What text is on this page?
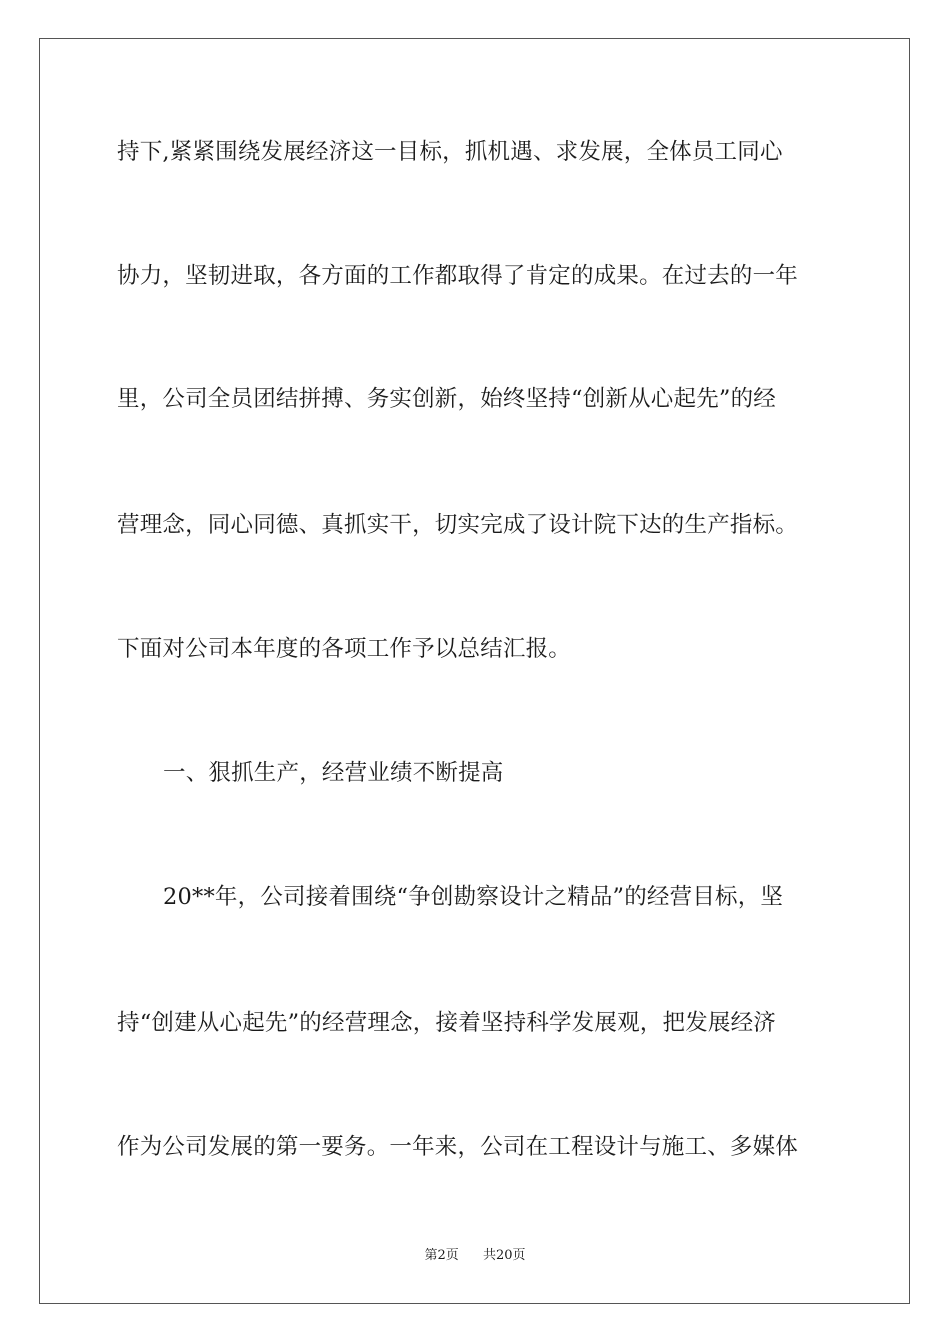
持下,紧紧围绕发展经济这一目标，抓机遇、求发展，全体员工同心
协力，坚韧进取，各方面的工作都取得了肯定的成果。在过去的一年
里，公司全员团结拼搏、务实创新，始终坚持“创新从心起先”的经
营理念，同心同德、真抓实干，切实完成了设计院下达的生产指标。
下面对公司本年度的各项工作予以总结汇报。
一、狠抓生产，经营业绩不断提高
20**年，公司接着围绕“争创勘察设计之精品”的经营目标，坚
持“创建从心起先”的经营理念，接着坚持科学发展观，把发展经济
作为公司发展的第一要务。一年来，公司在工程设计与施工、多媒体
第2页 共20页
